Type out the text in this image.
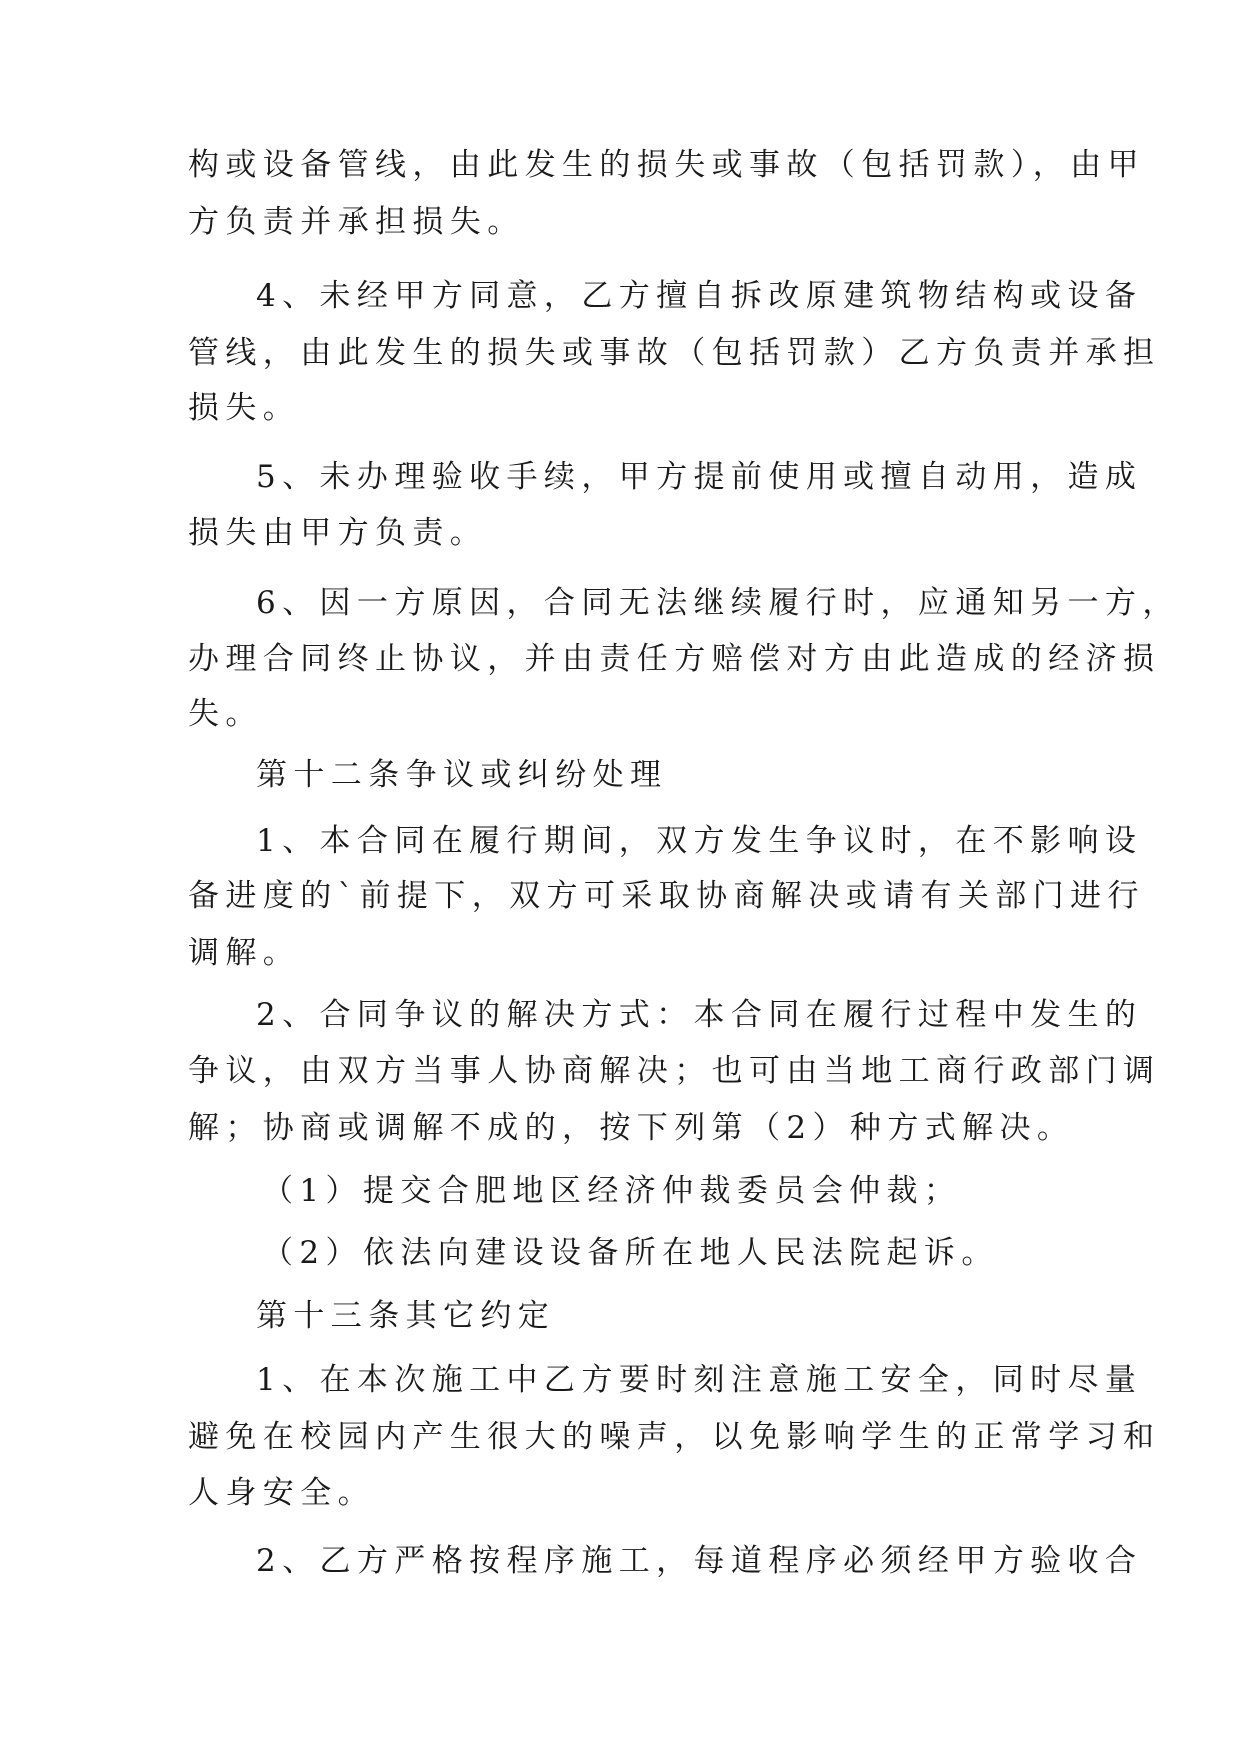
构或设备管线，由此发生的损失或事故（包括罚款），由甲
方负责并承担损失。
4、未经甲方同意，乙方擅自拆改原建筑物结构或设备
管线，由此发生的损失或事故（包括罚款）乙方负责并承担
损失。
5、未办理验收手续，甲方提前使用或擅自动用，造成
损失由甲方负责。
6、因一方原因，合同无法继续履行时，应通知另一方，
办理合同终止协议，并由责任方赔偿对方由此造成的经济损
失。
第十二条争议或纠纷处理
1、本合同在履行期间，双方发生争议时，在不影响设
备进度的`前提下，双方可采取协商解决或请有关部门进行
调解。
2、合同争议的解决方式：本合同在履行过程中发生的
争议，由双方当事人协商解决；也可由当地工商行政部门调
解；协商或调解不成的，按下列第（2）种方式解决。
（1）提交合肥地区经济仲裁委员会仲裁；
（2）依法向建设设备所在地人民法院起诉。
第十三条其它约定
1、在本次施工中乙方要时刻注意施工安全，同时尽量
避免在校园内产生很大的噪声，以免影响学生的正常学习和
人身安全。
2、乙方严格按程序施工，每道程序必须经甲方验收合
